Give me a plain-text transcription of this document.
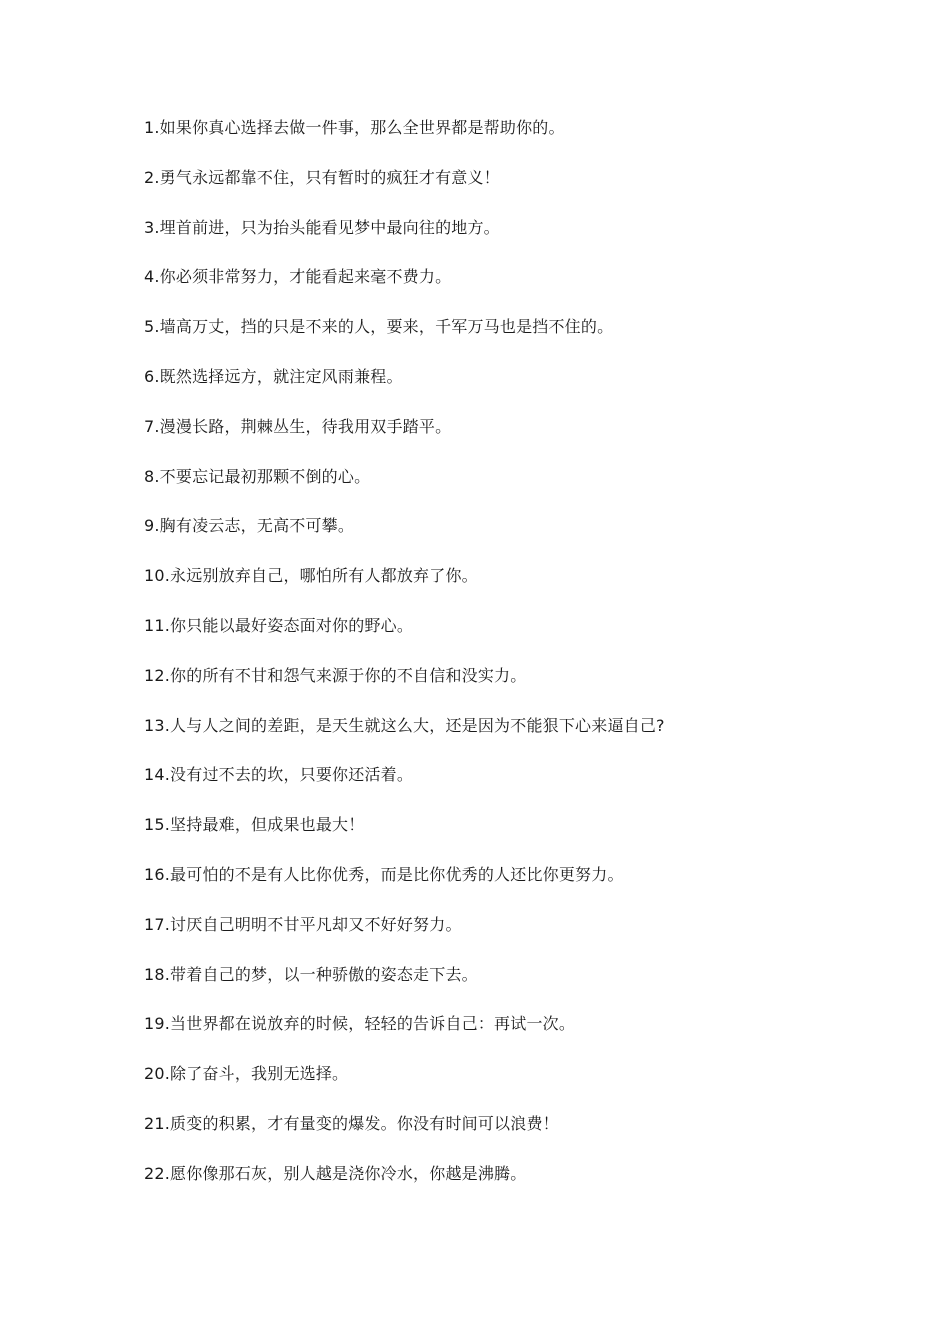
1.如果你真心选择去做一件事，那么全世界都是帮助你的。
2.勇气永远都靠不住，只有暂时的疯狂才有意义！
3.埋首前进，只为抬头能看见梦中最向往的地方。
4.你必须非常努力，才能看起来毫不费力。
5.墙高万丈，挡的只是不来的人，要来，千军万马也是挡不住的。
6.既然选择远方，就注定风雨兼程。
7.漫漫长路，荆棘丛生，待我用双手踏平。
8.不要忘记最初那颗不倒的心。
9.胸有凌云志，无高不可攀。
10.永远别放弃自己，哪怕所有人都放弃了你。
11.你只能以最好姿态面对你的野心。
12.你的所有不甘和怨气来源于你的不自信和没实力。
13.人与人之间的差距，是天生就这么大，还是因为不能狠下心来逼自己?
14.没有过不去的坎，只要你还活着。
15.坚持最难，但成果也最大！
16.最可怕的不是有人比你优秀，而是比你优秀的人还比你更努力。
17.讨厌自己明明不甘平凡却又不好好努力。
18.带着自己的梦，以一种骄傲的姿态走下去。
19.当世界都在说放弃的时候，轻轻的告诉自己：再试一次。
20.除了奋斗，我别无选择。
21.质变的积累，才有量变的爆发。你没有时间可以浪费！
22.愿你像那石灰，别人越是浇你冷水，你越是沸腾。
